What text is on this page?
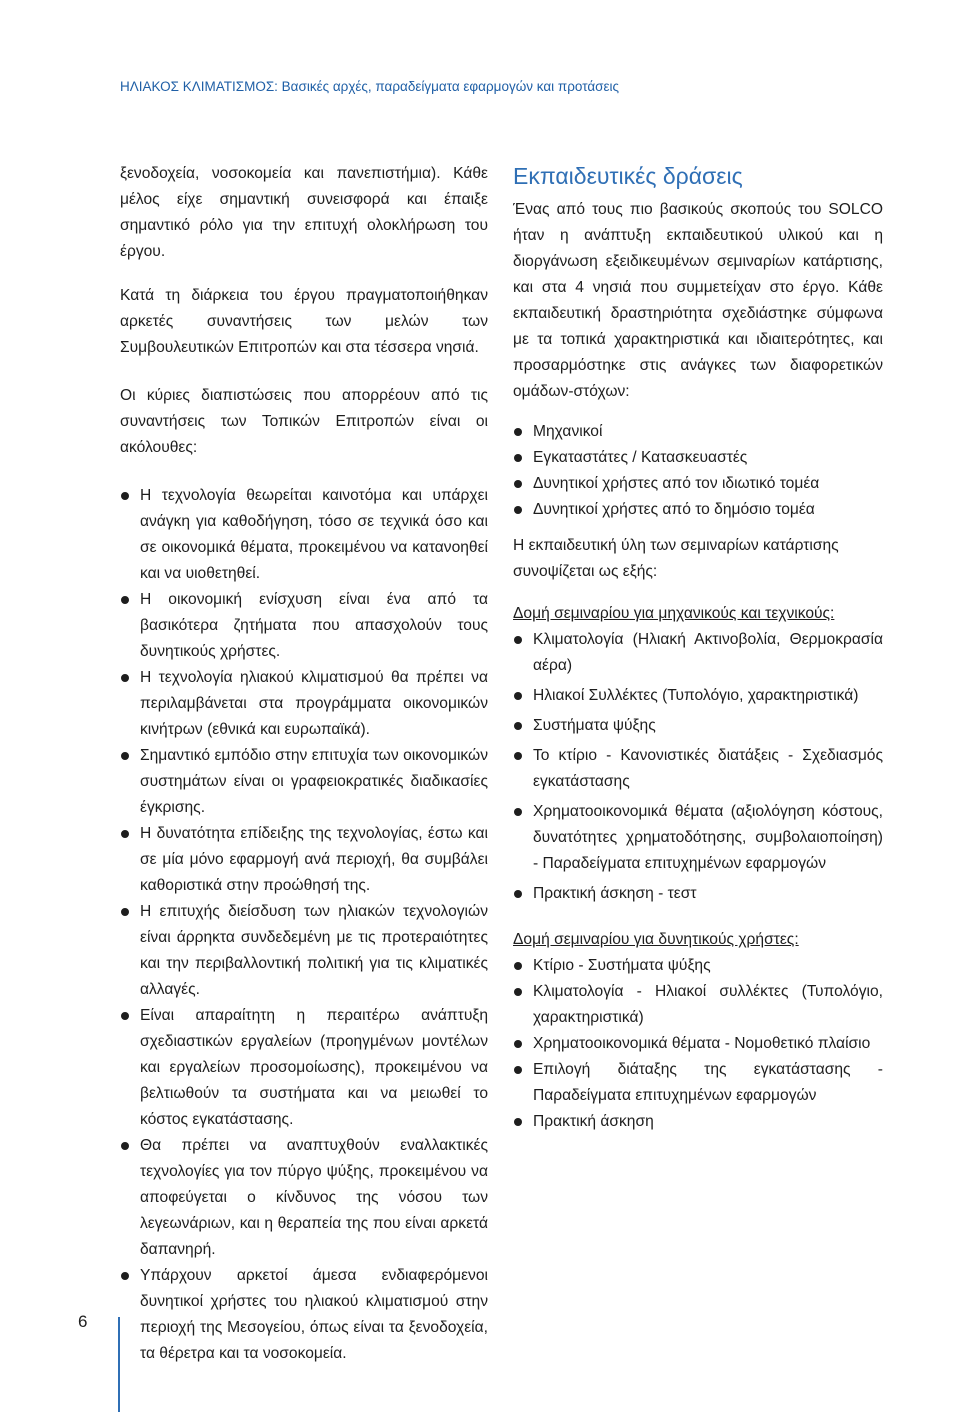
ΗΛΙΑΚΟΣ ΚΛΙΜΑΤΙΣΜΟΣ: Βασικές αρχές, παραδείγματα εφαρμογών και προτάσεις

ξενοδοχεία, νοσοκομεία και πανεπιστήμια). Κάθε μέλος είχε σημαντική συνεισφορά και έπαιξε σημαντικό ρόλο για την επιτυχή ολοκλήρωση του έργου.

Κατά τη διάρκεια του έργου πραγματοποιήθηκαν αρκετές συναντήσεις των μελών των Συμβουλευτικών Επιτροπών και στα τέσσερα νησιά.

Οι κύριες διαπιστώσεις που απορρέουν από τις συναντήσεις των Τοπικών Επιτροπών είναι οι ακόλουθες:

Η τεχνολογία θεωρείται καινοτόμα και υπάρχει ανάγκη για καθοδήγηση, τόσο σε τεχνικά όσο και σε οικονομικά θέματα, προκειμένου να κατανοηθεί και να υιοθετηθεί.
Η οικονομική ενίσχυση είναι ένα από τα βασικότερα ζητήματα που απασχολούν τους δυνητικούς χρήστες.
Η τεχνολογία ηλιακού κλιματισμού θα πρέπει να περιλαμβάνεται στα προγράμματα οικονομικών κινήτρων (εθνικά και ευρωπαϊκά).
Σημαντικό εμπόδιο στην επιτυχία των οικονομικών συστημάτων είναι οι γραφειοκρατικές διαδικασίες έγκρισης.
Η δυνατότητα επίδειξης της τεχνολογίας, έστω και σε μία μόνο εφαρμογή ανά περιοχή, θα συμβάλει καθοριστικά στην προώθησή της.
Η επιτυχής διείσδυση των ηλιακών τεχνολογιών είναι άρρηκτα συνδεδεμένη με τις προτεραιότητες και την περιβαλλοντική πολιτική για τις κλιματικές αλλαγές.
Είναι απαραίτητη η περαιτέρω ανάπτυξη σχεδιαστικών εργαλείων (προηγμένων μοντέλων και εργαλείων προσομοίωσης), προκειμένου να βελτιωθούν τα συστήματα και να μειωθεί το κόστος εγκατάστασης.
Θα πρέπει να αναπτυχθούν εναλλακτικές τεχνολογίες για τον πύργο ψύξης, προκειμένου να αποφεύγεται ο κίνδυνος της νόσου των λεγεωνάριων, και η θεραπεία της που είναι αρκετά δαπανηρή.
Υπάρχουν αρκετοί άμεσα ενδιαφερόμενοι δυνητικοί χρήστες του ηλιακού κλιματισμού στην περιοχή της Μεσογείου, όπως είναι τα ξενοδοχεία, τα θέρετρα και τα νοσοκομεία.
Εκπαιδευτικές δράσεις

Ένας από τους πιο βασικούς σκοπούς του SOLCO ήταν η ανάπτυξη εκπαιδευτικού υλικού και η διοργάνωση εξειδικευμένων σεμιναρίων κατάρτισης, και στα 4 νησιά που συμμετείχαν στο έργο. Κάθε εκπαιδευτική δραστηριότητα σχεδιάστηκε σύμφωνα με τα τοπικά χαρακτηριστικά και ιδιαιτερότητες, και προσαρμόστηκε στις ανάγκες των διαφορετικών ομάδων-στόχων:

Μηχανικοί
Εγκαταστάτες / Κατασκευαστές
Δυνητικοί χρήστες από τον ιδιωτικό τομέα
Δυνητικοί χρήστες από το δημόσιο τομέα

Η εκπαιδευτική ύλη των σεμιναρίων κατάρτισης συνοψίζεται ως εξής:

Δομή σεμιναρίου για μηχανικούς και τεχνικούς:

Κλιματολογία (Ηλιακή Ακτινοβολία, Θερμοκρασία αέρα)
Ηλιακοί Συλλέκτες (Τυπολόγιο, χαρακτηριστικά)
Συστήματα ψύξης
Το κτίριο - Κανονιστικές διατάξεις - Σχεδιασμός εγκατάστασης
Χρηματοοικονομικά θέματα (αξιολόγηση κόστους, δυνατότητες χρηματοδότησης, συμβολαιοποίηση) - Παραδείγματα επιτυχημένων εφαρμογών
Πρακτική άσκηση - τεστ

Δομή σεμιναρίου για δυνητικούς χρήστες:

Κτίριο - Συστήματα ψύξης
Κλιματολογία - Ηλιακοί συλλέκτες (Τυπολόγιο, χαρακτηριστικά)
Χρηματοοικονομικά θέματα - Νομοθετικό πλαίσιο
Επιλογή διάταξης της εγκατάστασης - Παραδείγματα επιτυχημένων εφαρμογών
Πρακτική άσκηση
6
